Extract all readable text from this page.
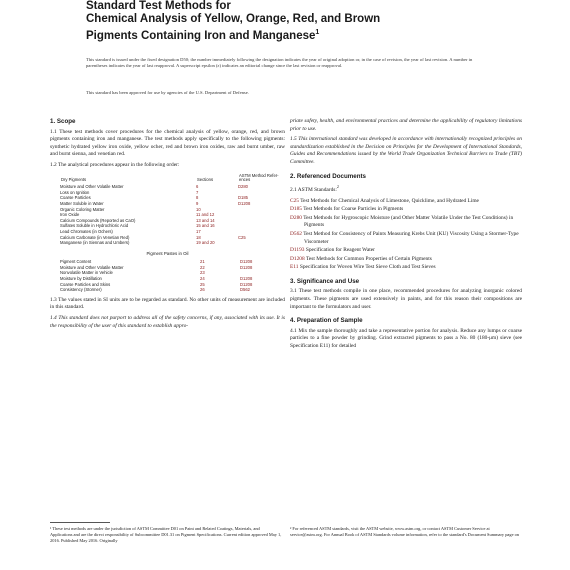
Standard Test Methods for
Chemical Analysis of Yellow, Orange, Red, and Brown
Pigments Containing Iron and Manganese$^1$
This standard is issued under the fixed designation D50; the number immediately following the designation indicates the year of original adoption or, in the case of revision, the year of last revision. A number in parentheses indicates the year of last reapproval. A superscript epsilon (ε) indicates an editorial change since the last revision or reapproval.
This standard has been approved for use by agencies of the U.S. Department of Defense.
1. Scope

1.1 These test methods cover procedures for the chemical analysis of yellow, orange, red, and brown pigments containing iron and manganese. The test methods apply specifically to the following pigments: synthetic hydrated yellow iron oxide, yellow ocher, red and brown iron oxides, raw and burnt umber, raw and burnt sienna, and venetian red.

1.2 The analytical procedures appear in the following order:

Dry Pigments	Sections	ASTM Method Refer-ences
Moisture and Other Volatile Matter	6	D280
Loss on Ignition	7	
Coarse Particles	8	D185
Matter Soluble in Water	9	D1208
Organic Coloring Matter	10	
Iron Oxide	11 and 12	
Calcium Compounds (Reported as CaO)	13 and 14	
Sulfates Soluble in Hydrochloric Acid	15 and 16	
Lead Chromates (in Ochers)	17	
Calcium Carbonate (in Venetian Red)	18	C25
Manganese (in Siennas and Umbers)	19 and 20	
Pigment Pastes in Oil
Pigment Content	21	D1208
Moisture and Other Volatile Matter	22	D1208
Nonvolatile Matter in Vehicle	23	
Moisture by Distillation	24	D1208
Coarse Particles and Skins	25	D1208
Consistency (Stormer)	26	D562

1.3 The values stated in SI units are to be regarded as standard. No other units of measurement are included in this standard.

1.4 This standard does not purport to address all of the safety concerns, if any, associated with its use. It is the responsibility of the user of this standard to establish appro-

priate safety, health, and environmental practices and determine the applicability of regulatory limitations prior to use.

1.5 This international standard was developed in accordance with internationally recognized principles on standardization established in the Decision on Principles for the Development of International Standards, Guides and Recommendations issued by the World Trade Organization Technical Barriers to Trade (TBT) Committee.

2. Referenced Documents

2.1 ASTM Standards:$^2$

C25 Test Methods for Chemical Analysis of Limestone, Quicklime, and Hydrated Lime
D185 Test Methods for Coarse Particles in Pigments
D280 Test Methods for Hygroscopic Moisture (and Other Matter Volatile Under the Test Conditions) in Pigments
D562 Test Method for Consistency of Paints Measuring Krebs Unit (KU) Viscosity Using a Stormer-Type Viscometer
D1193 Specification for Reagent Water
D1208 Test Methods for Common Properties of Certain Pigments
E11 Specification for Woven Wire Test Sieve Cloth and Test Sieves
3. Significance and Use

3.1 These test methods compile in one place, recommended procedures for analyzing inorganic colored pigments. These pigments are used extensively in paints, and for this reason their compositions are important to the formulators and user.

4. Preparation of Sample

4.1 Mix the sample thoroughly and take a representative portion for analysis. Reduce any lumps or coarse particles to a fine powder by grinding. Grind extracted pigments to pass a No. 80 (180-μm) sieve (see Specification E11) for detailed

¹ These test methods are under the jurisdiction of ASTM Committee D01 on Paint and Related Coatings, Materials, and Applications and are the direct responsibility of Subcommittee D01.31 on Pigment Specifications. Current edition approved May 1, 2016. Published May 2016. Originally
² For referenced ASTM standards, visit the ASTM website, www.astm.org, or contact ASTM Customer Service at service@astm.org. For Annual Book of ASTM Standards volume information, refer to the standard's Document Summary page on
